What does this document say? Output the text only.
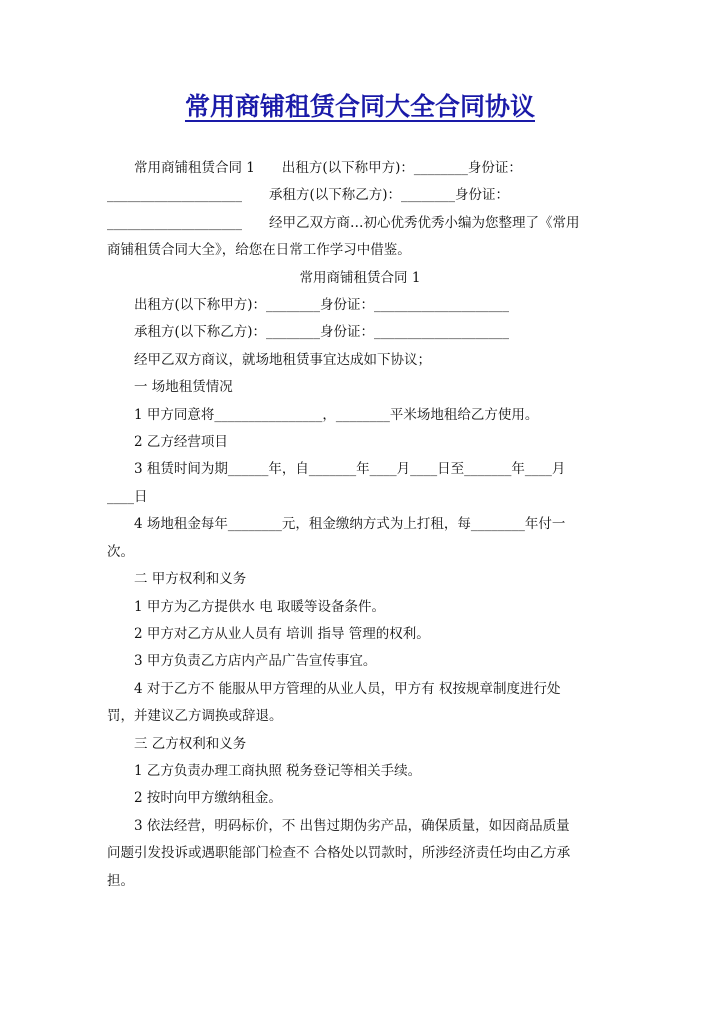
常用商铺租赁合同大全合同协议

常用商铺租赁合同 1　　出租方(以下称甲方)：________身份证：

____________________　　承租方(以下称乙方)：________身份证：

____________________　　经甲乙双方商…初心优秀优秀小编为您整理了《常用

商铺租赁合同大全》，给您在日常工作学习中借鉴。

常用商铺租赁合同 1

出租方(以下称甲方)：________身份证：____________________

承租方(以下称乙方)：________身份证：____________________

经甲乙双方商议，就场地租赁事宜达成如下协议；

一 场地租赁情况

1 甲方同意将________________，________平米场地租给乙方使用。

2 乙方经营项目

3 租赁时间为期______年，自_______年____月____日至_______年____月

____日

4 场地租金每年________元，租金缴纳方式为上打租，每________年付一

次。

二 甲方权利和义务

1 甲方为乙方提供水 电 取暖等设备条件。

2 甲方对乙方从业人员有 培训 指导 管理的权利。

3 甲方负责乙方店内产品广告宣传事宜。

4 对于乙方不 能服从甲方管理的从业人员，甲方有 权按规章制度进行处

罚，并建议乙方调换或辞退。

三 乙方权利和义务

1 乙方负责办理工商执照 税务登记等相关手续。

2 按时向甲方缴纳租金。

3 依法经营，明码标价，不 出售过期伪劣产品，确保质量，如因商品质量

问题引发投诉或遇职能部门检查不 合格处以罚款时，所涉经济责任均由乙方承

担。
